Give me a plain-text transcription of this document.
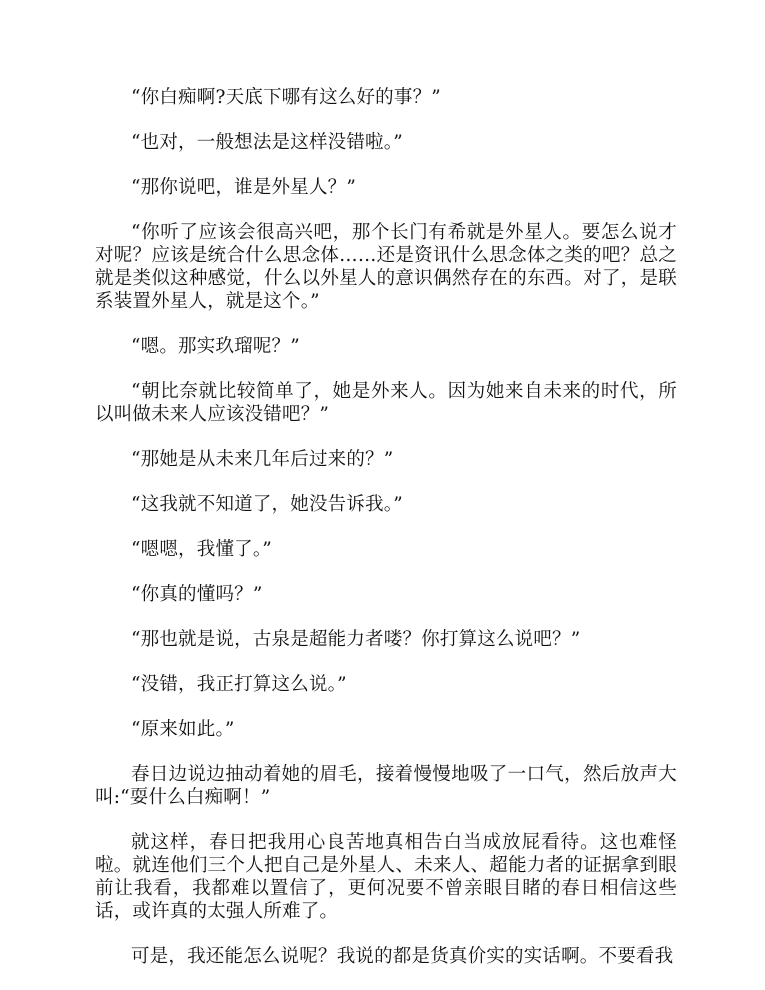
“你白痴啊?天底下哪有这么好的事？”

“也对，一般想法是这样没错啦。”

“那你说吧，谁是外星人？”

“你听了应该会很高兴吧，那个长门有希就是外星人。要怎么说才对呢？应该是统合什么思念体……还是资讯什么思念体之类的吧？总之就是类似这种感觉，什么以外星人的意识偶然存在的东西。对了，是联系装置外星人，就是这个。”

“嗯。那实玖瑠呢？”

“朝比奈就比较简单了，她是外来人。因为她来自未来的时代，所以叫做未来人应该没错吧？”

“那她是从未来几年后过来的？”

“这我就不知道了，她没告诉我。”

“嗯嗯，我懂了。”

“你真的懂吗？”

“那也就是说，古泉是超能力者喽？你打算这么说吧？”

“没错，我正打算这么说。”

“原来如此。”

春日边说边抽动着她的眉毛，接着慢慢地吸了一口气，然后放声大叫:“耍什么白痴啊！”

就这样，春日把我用心良苦地真相告白当成放屁看待。这也难怪啦。就连他们三个人把自己是外星人、未来人、超能力者的证据拿到眼前让我看，我都难以置信了，更何况要不曾亲眼目睹的春日相信这些话，或许真的太强人所难了。

可是，我还能怎么说呢？我说的都是货真价实的实话啊。不要看我
